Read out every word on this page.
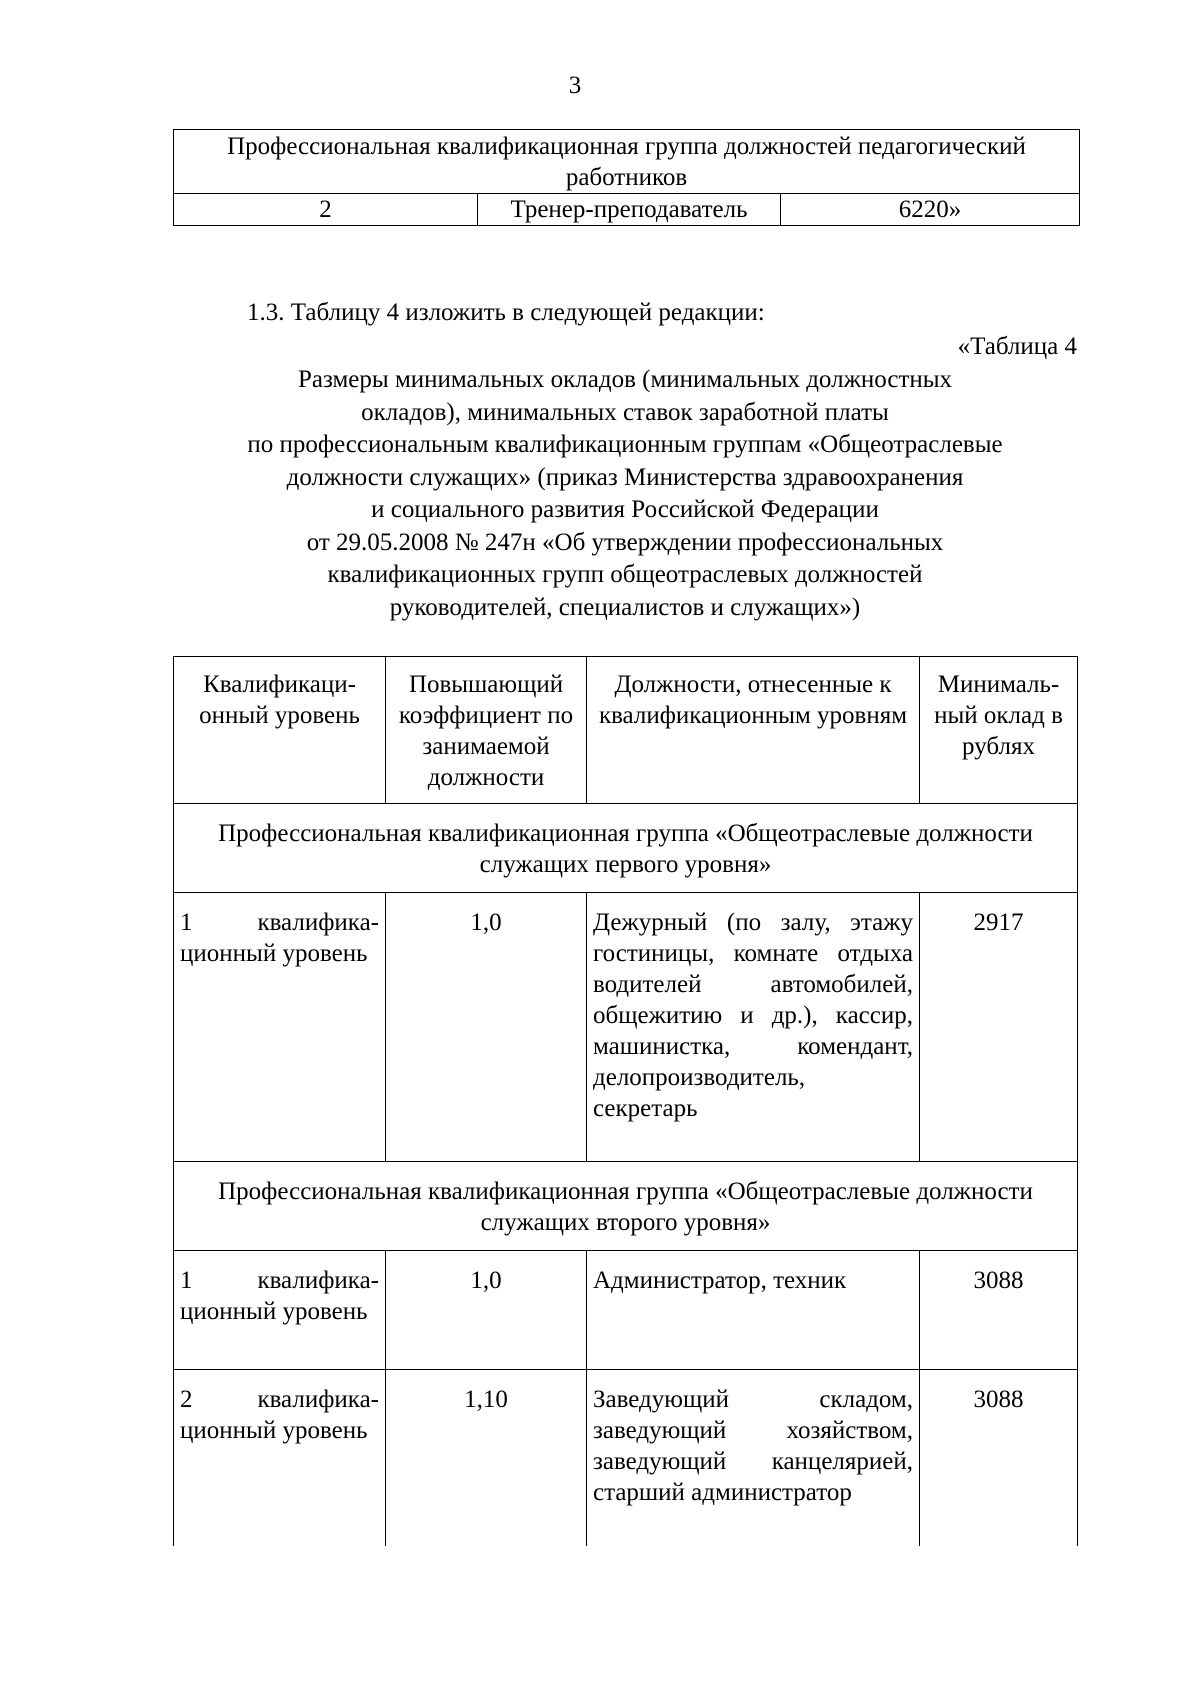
3
Профессиональная квалификационная группа должностей педагогический работников
2	Тренер-преподаватель	6220»
1.3. Таблицу 4 изложить в следующей редакции:
«Таблица 4
Размеры минимальных окладов (минимальных должностных
окладов), минимальных ставок заработной платы
по профессиональным квалификационным группам «Общеотраслевые
должности служащих» (приказ Министерства здравоохранения
и социального развития Российской Федерации
от 29.05.2008 № 247н «Об утверждении профессиональных
квалификационных групп общеотраслевых должностей
руководителей, специалистов и служащих»)
Квалификаци-онный уровень	Повышающий коэффициент по занимаемой должности	Должности, отнесенные к квалификационным уровням	Минималь-ный оклад в рублях
Профессиональная квалификационная группа «Общеотраслевые должности служащих первого уровня»			
1 квалифика-ционный уровень	1,0	Дежурный (по залу, этажу гостиницы, комнате отдыха водителей автомобилей, общежитию и др.), кассир, машинистка, комендант, делопроизводитель, секретарь	2917
Профессиональная квалификационная группа «Общеотраслевые должности служащих второго уровня»			
1 квалифика-ционный уровень	1,0	Администратор, техник	3088
2 квалифика-ционный уровень	1,10	Заведующий складом, заведующий хозяйством, заведующий канцелярией, старший администратор	3088
